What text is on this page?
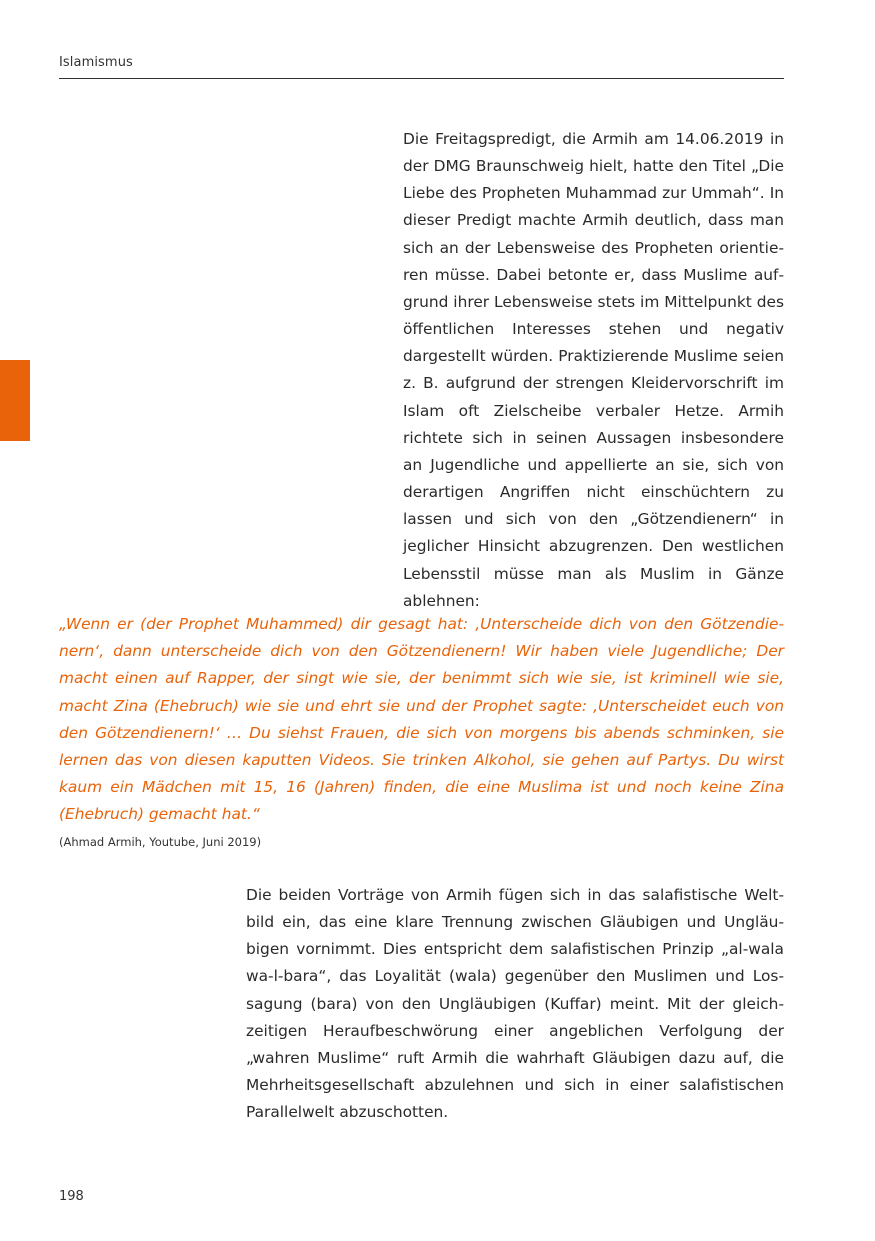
Islamismus

Die Freitagspredigt, die Armih am 14.06.2019 in der DMG Braunschweig hielt, hatte den Titel „Die Liebe des Propheten Muhammad zur Ummah“. In dieser Predigt machte Armih deutlich, dass man sich an der Lebensweise des Propheten orientieren müsse. Dabei betonte er, dass Muslime aufgrund ihrer Lebensweise stets im Mittelpunkt des öffentlichen Interesses stehen und negativ dargestellt würden. Praktizierende Muslime seien z. B. aufgrund der strengen Kleidervorschrift im Islam oft Zielscheibe verbaler Hetze. Armih richtete sich in seinen Aussagen insbesondere an Jugendliche und appellierte an sie, sich von derartigen Angriffen nicht einschüchtern zu lassen und sich von den „Götzendienern“ in jeglicher Hinsicht abzugrenzen. Den westlichen Lebensstil müsse man als Muslim in Gänze ablehnen:

„Wenn er (der Prophet Muhammed) dir gesagt hat: ‚Unterscheide dich von den Götzendienern‘, dann unterscheide dich von den Götzendienern! Wir haben viele Jugendliche; Der macht einen auf Rapper, der singt wie sie, der benimmt sich wie sie, ist kriminell wie sie, macht Zina (Ehebruch) wie sie und ehrt sie und der Prophet sagte: ‚Unterscheidet euch von den Götzendienern!‘ … Du siehst Frauen, die sich von morgens bis abends schminken, sie lernen das von diesen kaputten Videos. Sie trinken Alkohol, sie gehen auf Partys. Du wirst kaum ein Mädchen mit 15, 16 (Jahren) finden, die eine Muslima ist und noch keine Zina (Ehebruch) gemacht hat.“

(Ahmad Armih, Youtube, Juni 2019)

Die beiden Vorträge von Armih fügen sich in das salafistische Weltbild ein, das eine klare Trennung zwischen Gläubigen und Ungläubigen vornimmt. Dies entspricht dem salafistischen Prinzip „al-wala wa-l-bara“, das Loyalität (wala) gegenüber den Muslimen und Lossagung (bara) von den Ungläubigen (Kuffar) meint. Mit der gleichzeitigen Heraufbeschwörung einer angeblichen Verfolgung der „wahren Muslime“ ruft Armih die wahrhaft Gläubigen dazu auf, die Mehrheitsgesellschaft abzulehnen und sich in einer salafistischen Parallelwelt abzuschotten.

198
